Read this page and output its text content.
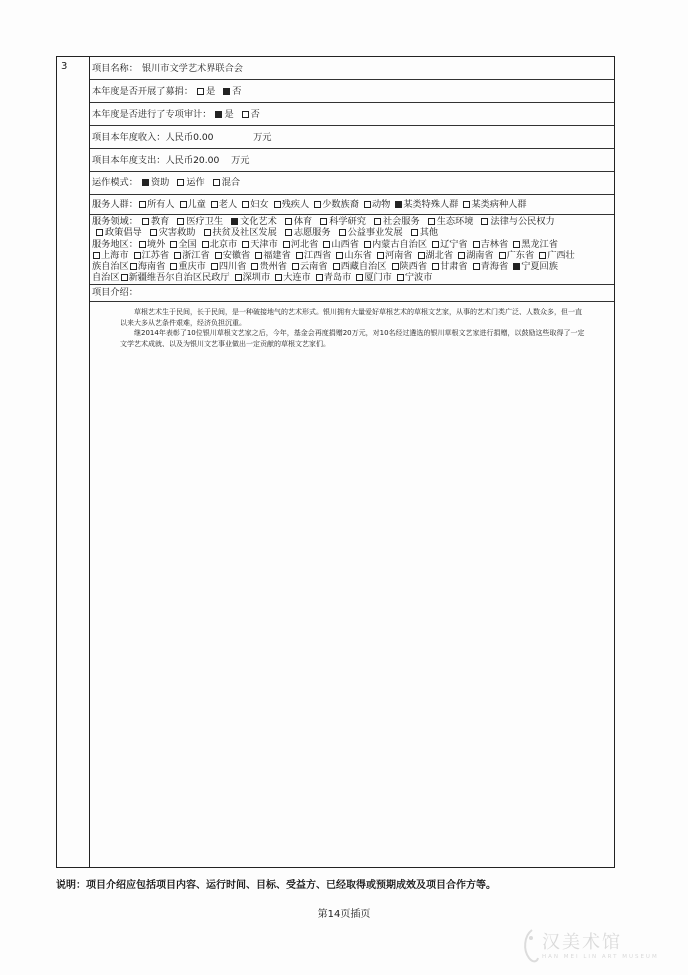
3	项目名称： 银川市文学艺术界联合会
本年度是否开展了募捐：	是 否
本年度是否进行了专项审计：	是 否
项目本年度收入：人民币 0.00	万元
项目本年度支出：人民币 20.00	万元
运作模式：	资助 运作 混合
服务人群： 所有人 儿童 老人 妇女 残疾人 少数族裔 动物 某类特殊人群 某类病种人群
服务领域： 教育 医疗卫生 文化艺术 体育 科学研究 社会服务 生态环境 法律与公民权力
政策倡导 灾害救助 扶贫及社区发展 志愿服务 公益事业发展 其他
服务地区： 境外 全国 北京市 天津市 河北省 山西省 内蒙古自治区 辽宁省 吉林省 黑龙江省
上海市 江苏省 浙江省 安徽省 福建省 江西省 山东省 河南省 湖北省 湖南省 广东省 广西壮
族自治区 海南省 重庆市 四川省 贵州省 云南省 西藏自治区 陕西省 甘肃省 青海省 宁夏回族
自治区 新疆维吾尔自治区民政厅 深圳市 大连市 青岛市 厦门市 宁波市
项目介绍：

草根艺术生于民间，长于民间，是一种破接地气的艺术形式。银川拥有大量爱好草根艺术的草根文艺家，从事的艺术门类广泛、人数众多，但一直以来大多从艺条件艰难，经济负担沉重。

继2014年表彰了10位银川草根文艺家之后，今年，基金会再度捐赠20万元，对10名经过遴选的银川草根文艺家进行捐赠，以鼓励这些取得了一定文学艺术成就、以及为银川文艺事业做出一定贡献的草根文艺家们。

说明：项目介绍应包括项目内容、运行时间、目标、受益方、已经取得或预期成效及项目合作方等。
第14页插页
汉美术馆
HAN MEI LIN ART MUSEUM
